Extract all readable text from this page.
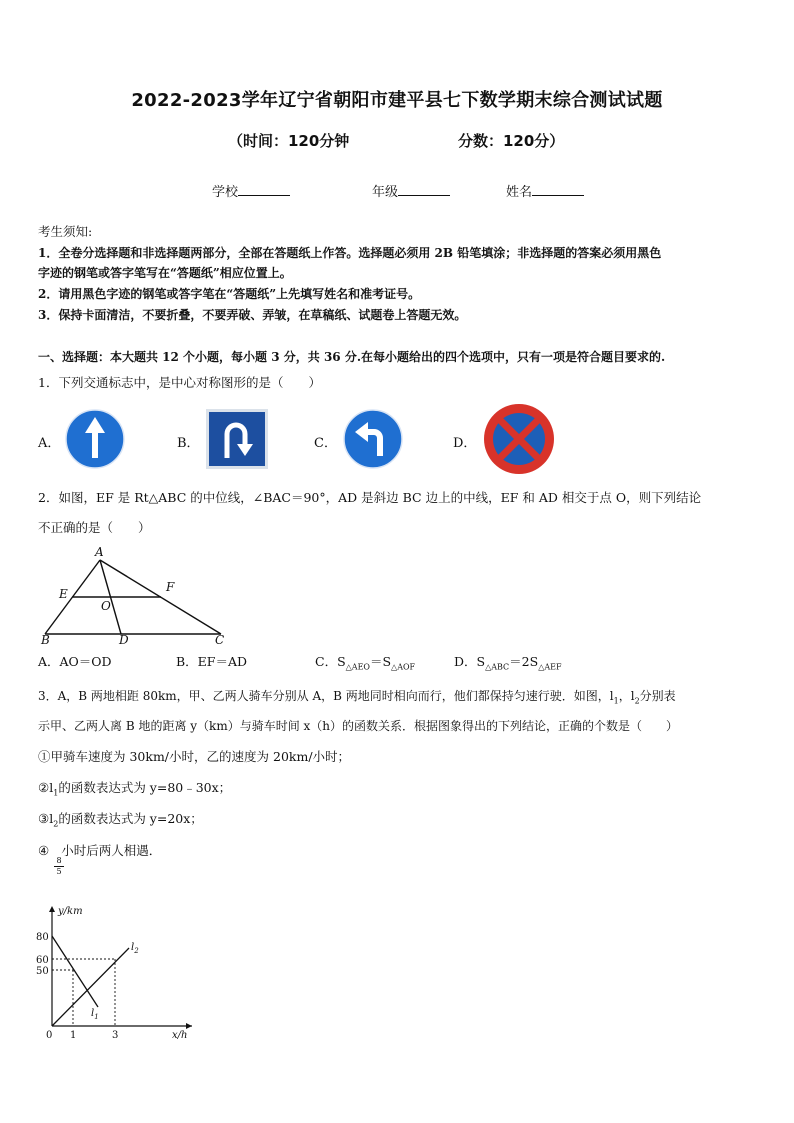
2022-2023学年辽宁省朝阳市建平县七下数学期末综合测试试题
（时间：120分钟	分数：120分）
学校	年级	姓名
考生须知:
1．全卷分选择题和非选择题两部分，全部在答题纸上作答。选择题必须用 2B 铅笔填涂；非选择题的答案必须用黑色
字迹的钢笔或答字笔写在“答题纸”相应位置上。
2．请用黑色字迹的钢笔或答字笔在“答题纸”上先填写姓名和准考证号。
3．保持卡面清洁，不要折叠，不要弄破、弄皱，在草稿纸、试题卷上答题无效。
一、选择题：本大题共 12 个小题，每小题 3 分，共 36 分.在每小题给出的四个选项中，只有一项是符合题目要求的.
1．下列交通标志中，是中心对称图形的是（　　）
A．	B．	C．	D．
2．如图，EF 是 Rt△ABC 的中位线，∠BAC＝90°，AD 是斜边 BC 边上的中线，EF 和 AD 相交于点 O，则下列结论
不正确的是（　　）
A
B	C
D
E	F
O
A．AO＝OD	B．EF＝AD	C．$S_{\triangle AEO}=S_{\triangle AOF}$	D．$S_{\triangle ABC}=2S_{\triangle AEF}$
3．A，B 两地相距 80km，甲、乙两人骑车分别从 A，B 两地同时相向而行，他们都保持匀速行驶．如图，$l_1$，$l_2$分别表
示甲、乙两人离 B 地的距离 y（km）与骑车时间 x（h）的函数关系．根据图象得出的下列结论，正确的个数是（　　）
①甲骑车速度为 30km/小时，乙的速度为 20km/小时；
$②l_1$的函数表达式为 y=80﹣30x；
$③l_2$的函数表达式为 y=20x；
④ 小时后两人相遇．
$\frac{8}{5}$
80
60
50
0 1	3
y/km
x/h
$l_1$
$l_2$
